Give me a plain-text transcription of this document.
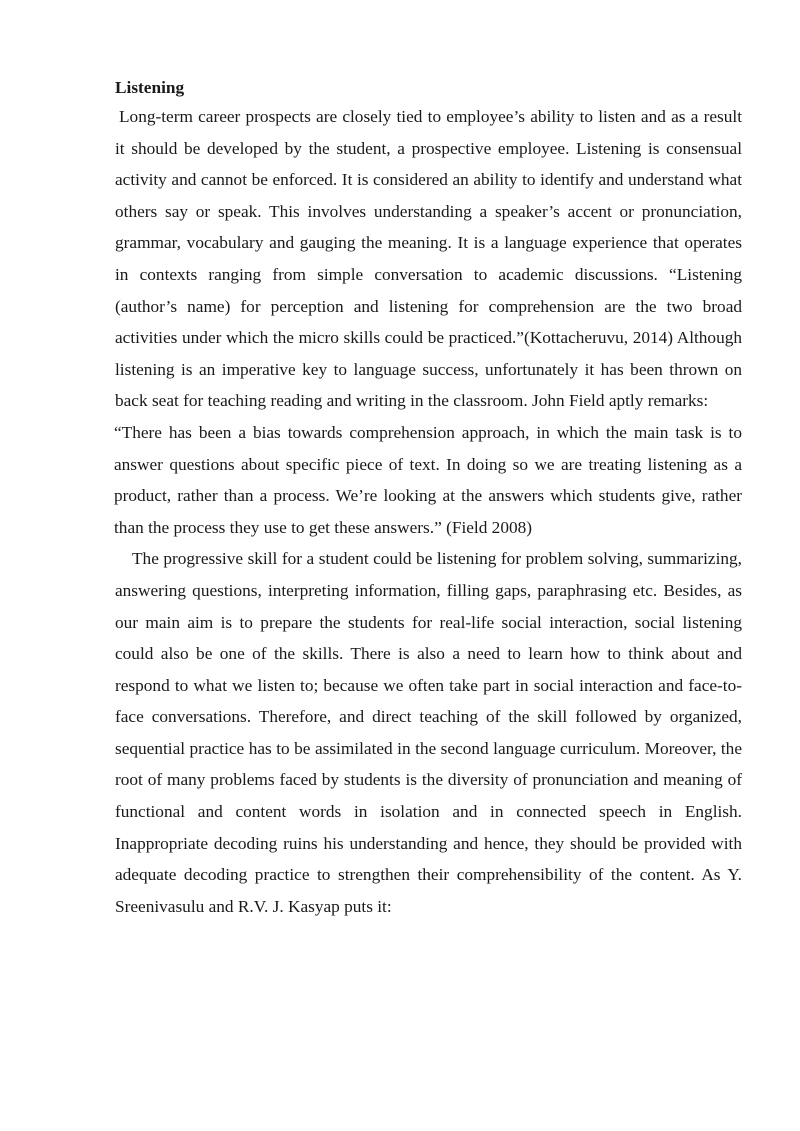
Listening

Long-term career prospects are closely tied to employee’s ability to listen and as a result it should be developed by the student, a prospective employee. Listening is consensual activity and cannot be enforced. It is considered an ability to identify and understand what others say or speak. This involves understanding a speaker’s accent or pronunciation, grammar, vocabulary and gauging the meaning. It is a language experience that operates in contexts ranging from simple conversation to academic discussions. “Listening (author’s name) for perception and listening for comprehension are the two broad activities under which the micro skills could be practiced.”(Kottacheruvu, 2014) Although listening is an imperative key to language success, unfortunately it has been thrown on back seat for teaching reading and writing in the classroom. John Field aptly remarks:

“There has been a bias towards comprehension approach, in which the main task is to answer questions about specific piece of text. In doing so we are treating listening as a product, rather than a process. We’re looking at the answers which students give, rather than the process they use to get these answers.” (Field 2008)

The progressive skill for a student could be listening for problem solving, summarizing, answering questions, interpreting information, filling gaps, paraphrasing etc. Besides, as our main aim is to prepare the students for real-life social interaction, social listening could also be one of the skills. There is also a need to learn how to think about and respond to what we listen to; because we often take part in social interaction and face-to-face conversations. Therefore, and direct teaching of the skill followed by organized, sequential practice has to be assimilated in the second language curriculum. Moreover, the root of many problems faced by students is the diversity of pronunciation and meaning of functional and content words in isolation and in connected speech in English. Inappropriate decoding ruins his understanding and hence, they should be provided with adequate decoding practice to strengthen their comprehensibility of the content. As Y. Sreenivasulu and R.V. J. Kasyap puts it:
